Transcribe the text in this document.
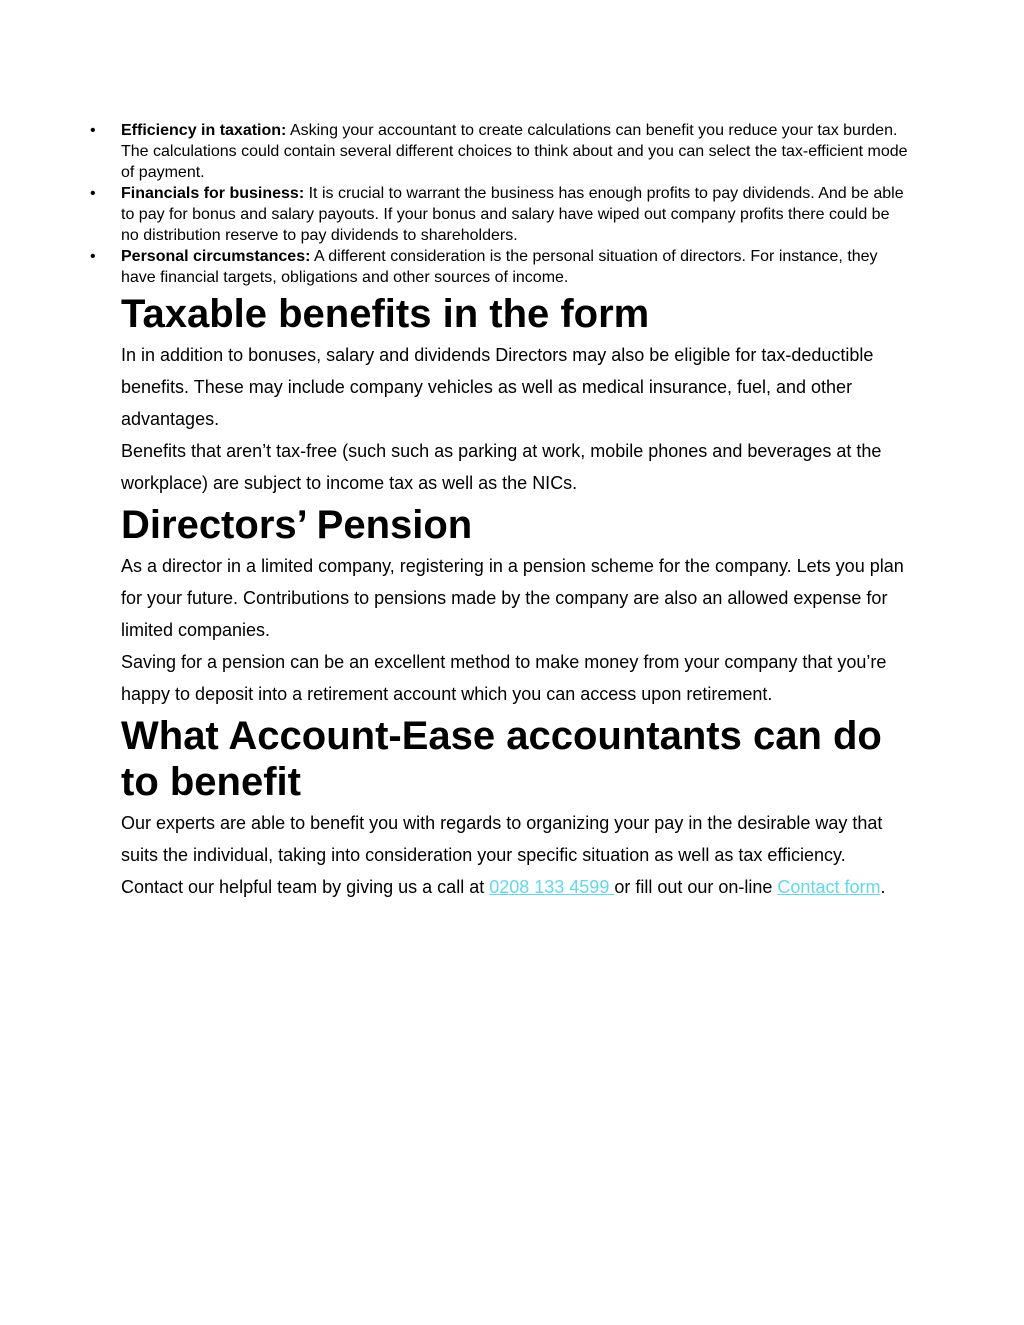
• Efficiency in taxation: Asking your accountant to create calculations can benefit you reduce your tax burden. The calculations could contain several different choices to think about and you can select the tax-efficient mode of payment.
• Financials for business: It is crucial to warrant the business has enough profits to pay dividends. And be able to pay for bonus and salary payouts. If your bonus and salary have wiped out company profits there could be no distribution reserve to pay dividends to shareholders.
• Personal circumstances: A different consideration is the personal situation of directors. For instance, they have financial targets, obligations and other sources of income.
Taxable benefits in the form

In in addition to bonuses, salary and dividends Directors may also be eligible for tax-deductible benefits. These may include company vehicles as well as medical insurance, fuel, and other advantages.

Benefits that aren’t tax-free (such such as parking at work, mobile phones and beverages at the workplace) are subject to income tax as well as the NICs.

Directors’ Pension

As a director in a limited company, registering in a pension scheme for the company. Lets you plan for your future. Contributions to pensions made by the company are also an allowed expense for limited companies.

Saving for a pension can be an excellent method to make money from your company that you’re happy to deposit into a retirement account which you can access upon retirement.

What Account-Ease accountants can do to benefit

Our experts are able to benefit you with regards to organizing your pay in the desirable way that suits the individual, taking into consideration your specific situation as well as tax efficiency. Contact our helpful team by giving us a call at 0208 133 4599 or fill out our on-line Contact form.
